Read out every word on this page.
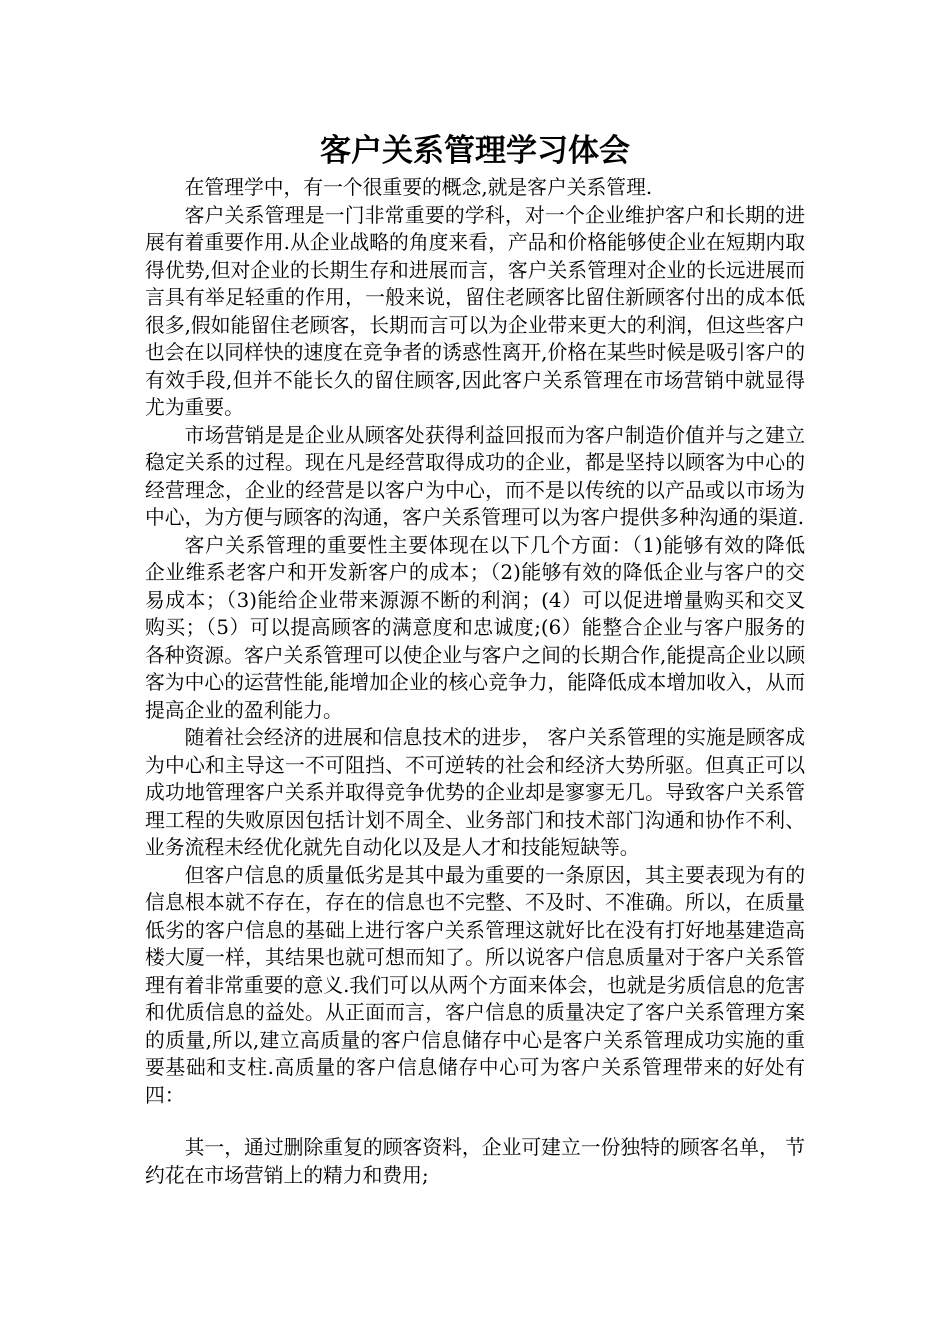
客户关系管理学习体会

在管理学中，有一个很重要的概念,就是客户关系管理.

客户关系管理是一门非常重要的学科，对一个企业维护客户和长期的进展有着重要作用.从企业战略的角度来看，产品和价格能够使企业在短期内取得优势,但对企业的长期生存和进展而言，客户关系管理对企业的长远进展而言具有举足轻重的作用，一般来说，留住老顾客比留住新顾客付出的成本低很多,假如能留住老顾客，长期而言可以为企业带来更大的利润，但这些客户也会在以同样快的速度在竞争者的诱惑性离开,价格在某些时候是吸引客户的有效手段,但并不能长久的留住顾客,因此客户关系管理在市场营销中就显得尤为重要。

市场营销是是企业从顾客处获得利益回报而为客户制造价值并与之建立稳定关系的过程。现在凡是经营取得成功的企业，都是坚持以顾客为中心的经营理念，企业的经营是以客户为中心，而不是以传统的以产品或以市场为中心，为方便与顾客的沟通，客户关系管理可以为客户提供多种沟通的渠道.

客户关系管理的重要性主要体现在以下几个方面：（1)能够有效的降低企业维系老客户和开发新客户的成本；（2)能够有效的降低企业与客户的交易成本；（3)能给企业带来源源不断的利润；(4）可以促进增量购买和交叉购买；（5）可以提高顾客的满意度和忠诚度;(6）能整合企业与客户服务的各种资源。客户关系管理可以使企业与客户之间的长期合作,能提高企业以顾客为中心的运营性能,能增加企业的核心竞争力，能降低成本增加收入，从而提高企业的盈利能力。

随着社会经济的进展和信息技术的进步， 客户关系管理的实施是顾客成为中心和主导这一不可阻挡、不可逆转的社会和经济大势所驱。但真正可以成功地管理客户关系并取得竞争优势的企业却是寥寥无几。导致客户关系管理工程的失败原因包括计划不周全、业务部门和技术部门沟通和协作不利、业务流程未经优化就先自动化以及是人才和技能短缺等。

但客户信息的质量低劣是其中最为重要的一条原因，其主要表现为有的信息根本就不存在，存在的信息也不完整、不及时、不准确。所以，在质量低劣的客户信息的基础上进行客户关系管理这就好比在没有打好地基建造高楼大厦一样，其结果也就可想而知了。所以说客户信息质量对于客户关系管理有着非常重要的意义.我们可以从两个方面来体会，也就是劣质信息的危害和优质信息的益处。从正面而言，客户信息的质量决定了客户关系管理方案的质量,所以,建立高质量的客户信息储存中心是客户关系管理成功实施的重要基础和支柱.高质量的客户信息储存中心可为客户关系管理带来的好处有四：

其一，通过删除重复的顾客资料，企业可建立一份独特的顾客名单， 节约花在市场营销上的精力和费用;
